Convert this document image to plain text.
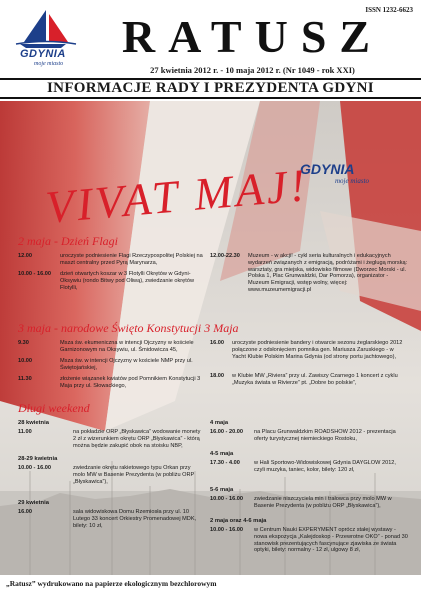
ISSN 1232-6623
GDYNIA
moje miasto
RATUSZ
27 kwietnia 2012 r. - 10 maja 2012 r. (Nr 1049 - rok XXI)
INFORMACJE RADY I PREZYDENTA GDYNI
GDYNIA
moje miasto
VIVAT MAJ!
2 maja - Dzień Flagi
12.00	uroczyste podniesienie Flagi Rzeczypospolitej Polskiej na maszt centralny przed Pyrą Marynarza,
10.00 - 16.00 dzień otwartych koszar w 3 Flotylli Okrętów w Gdyni-Oksywiu (rondo Bitwy pod Oliwą), zwiedzanie okrętów Flotylli,
12.00-22.30 Muzeum - w akcji! - cykl seria kulturalnych i edukacyjnych wydarzeń związanych z emigracją, podróżami i żeglugą morską: warsztaty, gra miejska, widowisko filmowe (Dworzec Morski - ul. Polska 1, Plac Grunwaldzki, Dar Pomorza), organizator - Muzeum Emigracji, wstęp wolny, więcej: www.muzeumemigracji.pl
3 maja - narodowe Święto Konstytucji 3 Maja
9.30	Msza św. ekumeniczna w intencji Ojczyzny w kościele Garnizonowym na Oksywiu, ul. Śmidowicza 45,
10.00	Msza św. w intencji Ojczyzny w kościele NMP przy ul. Świętojańskiej,
11.30	złożenie wiązanek kwiatów pod Pomnikiem Konstytucji 3 Maja przy ul. Słowackiego,
16.00 uroczyste podniesienie bandery i otwarcie sezonu żeglarskiego 2012 połączone z odsłonięciem pomnika gen. Mariusza Zaruskiego - w Yacht Klubie Polskim Marina Gdynia (od strony portu jachtowego),
18.00 w Klubie MW „Riviera” przy ul. Zawiszy Czarnego 1 koncert z cyklu „Muzyka świata w Rivierze” pt. „Dobre bo polskie”,
Długi weekend
28 kwietnia
11.00	na pokładzie ORP „Błyskawica” wodowanie monety 2 zł z wizerunkiem okrętu ORP „Błyskawica” - którą można będzie zakupić obok na stoisku NBP,
28-29 kwietnia
10.00 - 16.00	zwiedzanie okrętu rakietowego typu Orkan przy molo MW w Basenie Prezydenta (w pobliżu ORP „Błyskawica”),
29 kwietnia
16.00	sala widowiskowa Domu Rzemiosła przy ul. 10 Lutego 33 koncert Orkiestry Promenadowej MDK, bilety: 10 zł,
4 maja
16.00 - 20.00 na Placu Grunwaldzkim ROADSHOW 2012 - prezentacja oferty turystycznej niemieckiego Rostoku,
4-5 maja
17.30 - 4.00	w Hali Sportowo-Widowiskowej Gdynia DAYGLOW 2012, czyli muzyka, taniec, kolor, bilety: 120 zł,
5-6 maja
10.00 - 16.00 zwiedzanie niszczyciela min i trałowca przy molo MW w Basenie Prezydenta (w pobliżu ORP „Błyskawica”),
2 maja oraz 4-6 maja
10.00 - 16.00 w Centrum Nauki EXPERYMENT oprócz stałej wystawy - nowa ekspozycja „Kalejdoskop - Przewrotne OKO” - ponad 30 stanowisk prezentujących fascynujące zjawiska ze świata optyki, bilety: normalny - 12 zł, ulgowy 8 zł,
„Ratusz” wydrukowano na papierze ekologicznym bezchlorowym
